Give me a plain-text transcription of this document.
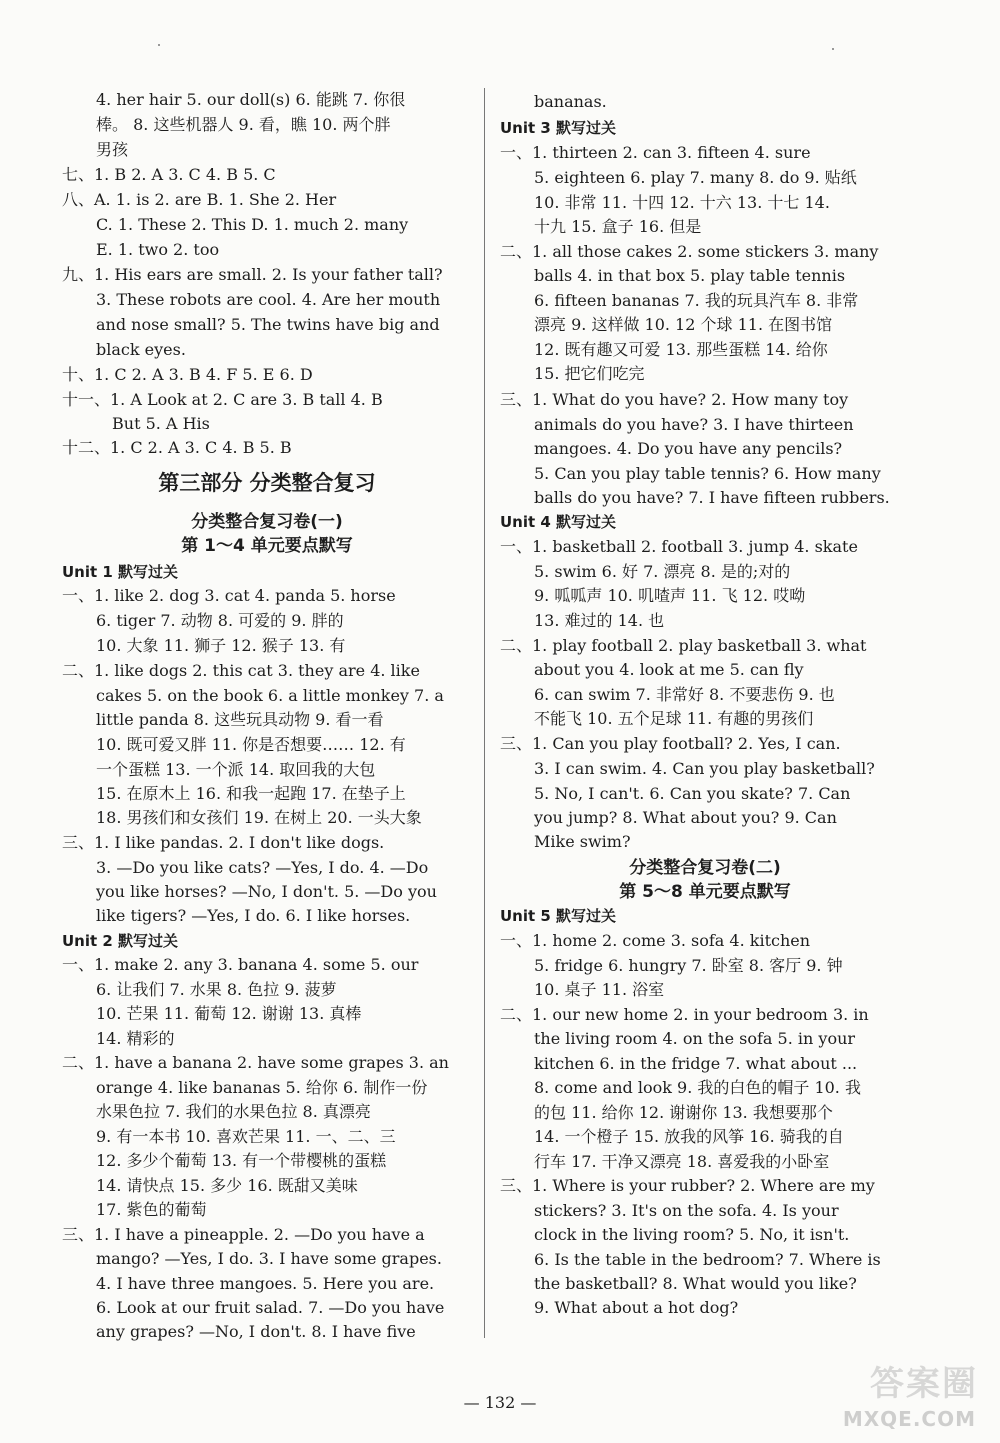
4. her hair 5. our doll(s) 6. 能跳 7. 你很
棒。 8. 这些机器人 9. 看，瞧 10. 两个胖
男孩
七、1. B 2. A 3. C 4. B 5. C
八、A. 1. is 2. are B. 1. She 2. Her
C. 1. These 2. This D. 1. much 2. many
E. 1. two 2. too
九、1. His ears are small. 2. Is your father tall?
3. These robots are cool. 4. Are her mouth
and nose small? 5. The twins have big and
black eyes.
十、1. C 2. A 3. B 4. F 5. E 6. D
十一、1. A Look at 2. C are 3. B tall 4. B
But 5. A His
十二、1. C 2. A 3. C 4. B 5. B
第三部分 分类整合复习
分类整合复习卷(一)
第 1～4 单元要点默写
Unit 1 默写过关
一、1. like 2. dog 3. cat 4. panda 5. horse
6. tiger 7. 动物 8. 可爱的 9. 胖的
10. 大象 11. 狮子 12. 猴子 13. 有
二、1. like dogs 2. this cat 3. they are 4. like
cakes 5. on the book 6. a little monkey 7. a
little panda 8. 这些玩具动物 9. 看一看
10. 既可爱又胖 11. 你是否想要…… 12. 有
一个蛋糕 13. 一个派 14. 取回我的大包
15. 在原木上 16. 和我一起跑 17. 在垫子上
18. 男孩们和女孩们 19. 在树上 20. 一头大象
三、1. I like pandas. 2. I don't like dogs.
3. —Do you like cats? —Yes, I do. 4. —Do
you like horses? —No, I don't. 5. —Do you
like tigers? —Yes, I do. 6. I like horses.
Unit 2 默写过关
一、1. make 2. any 3. banana 4. some 5. our
6. 让我们 7. 水果 8. 色拉 9. 菠萝
10. 芒果 11. 葡萄 12. 谢谢 13. 真棒
14. 精彩的
二、1. have a banana 2. have some grapes 3. an
orange 4. like bananas 5. 给你 6. 制作一份
水果色拉 7. 我们的水果色拉 8. 真漂亮
9. 有一本书 10. 喜欢芒果 11. 一、二、三
12. 多少个葡萄 13. 有一个带樱桃的蛋糕
14. 请快点 15. 多少 16. 既甜又美味
17. 紫色的葡萄
三、1. I have a pineapple. 2. —Do you have a
mango? —Yes, I do. 3. I have some grapes.
4. I have three mangoes. 5. Here you are.
6. Look at our fruit salad. 7. —Do you have
any grapes? —No, I don't. 8. I have five
bananas.
Unit 3 默写过关
一、1. thirteen 2. can 3. fifteen 4. sure
5. eighteen 6. play 7. many 8. do 9. 贴纸
10. 非常 11. 十四 12. 十六 13. 十七 14.
十九 15. 盒子 16. 但是
二、1. all those cakes 2. some stickers 3. many
balls 4. in that box 5. play table tennis
6. fifteen bananas 7. 我的玩具汽车 8. 非常
漂亮 9. 这样做 10. 12 个球 11. 在图书馆
12. 既有趣又可爱 13. 那些蛋糕 14. 给你
15. 把它们吃完
三、1. What do you have? 2. How many toy
animals do you have? 3. I have thirteen
mangoes. 4. Do you have any pencils?
5. Can you play table tennis? 6. How many
balls do you have? 7. I have fifteen rubbers.
Unit 4 默写过关
一、1. basketball 2. football 3. jump 4. skate
5. swim 6. 好 7. 漂亮 8. 是的;对的
9. 呱呱声 10. 叽喳声 11. 飞 12. 哎呦
13. 难过的 14. 也
二、1. play football 2. play basketball 3. what
about you 4. look at me 5. can fly
6. can swim 7. 非常好 8. 不要悲伤 9. 也
不能飞 10. 五个足球 11. 有趣的男孩们
三、1. Can you play football? 2. Yes, I can.
3. I can swim. 4. Can you play basketball?
5. No, I can't. 6. Can you skate? 7. Can
you jump? 8. What about you? 9. Can
Mike swim?
分类整合复习卷(二)
第 5～8 单元要点默写
Unit 5 默写过关
一、1. home 2. come 3. sofa 4. kitchen
5. fridge 6. hungry 7. 卧室 8. 客厅 9. 钟
10. 桌子 11. 浴室
二、1. our new home 2. in your bedroom 3. in
the living room 4. on the sofa 5. in your
kitchen 6. in the fridge 7. what about ...
8. come and look 9. 我的白色的帽子 10. 我
的包 11. 给你 12. 谢谢你 13. 我想要那个
14. 一个橙子 15. 放我的风筝 16. 骑我的自
行车 17. 干净又漂亮 18. 喜爱我的小卧室
三、1. Where is your rubber? 2. Where are my
stickers? 3. It's on the sofa. 4. Is your
clock in the living room? 5. No, it isn't.
6. Is the table in the bedroom? 7. Where is
the basketball? 8. What would you like?
9. What about a hot dog?
— 132 —	答案圈
MXQE.COM
